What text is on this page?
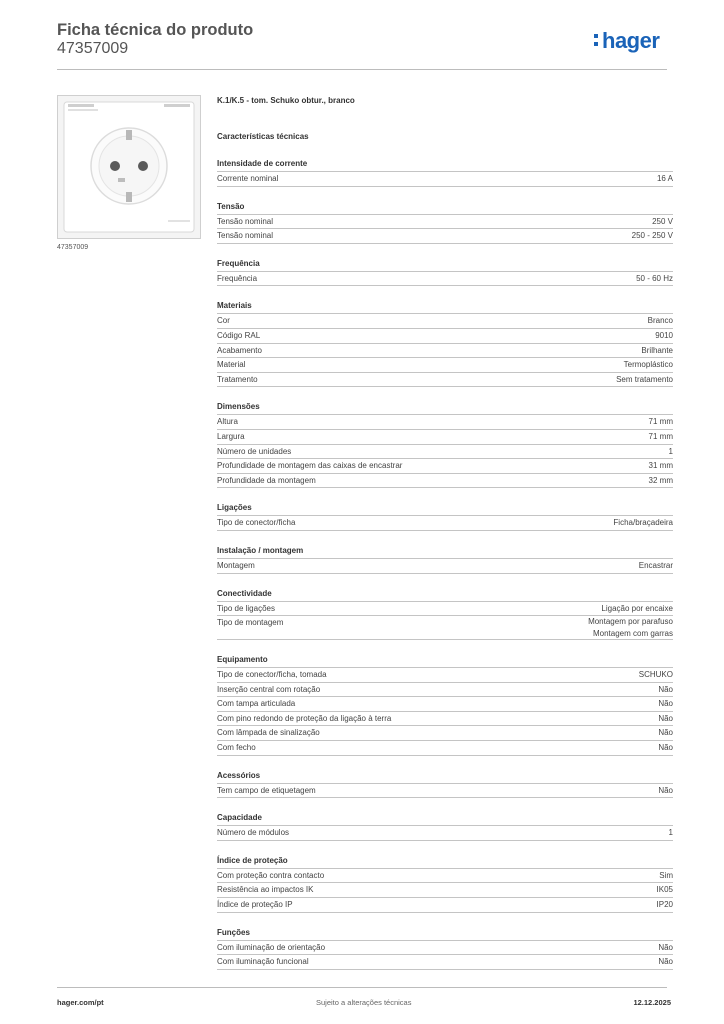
Ficha técnica do produto
47357009	hager
47357009
K.1/K.5 - tom. Schuko obtur., branco
Características técnicas
Intensidade de corrente
Corrente nominal	16 A
Tensão
Tensão nominal	250 V
Tensão nominal	250 - 250 V
Frequência
Frequência	50 - 60 Hz
Materiais
Cor	Branco
Código RAL	9010
Acabamento	Brilhante
Material	Termoplástico
Tratamento	Sem tratamento
Dimensões
Altura	71 mm
Largura	71 mm
Número de unidades	1
Profundidade de montagem das caixas de encastrar	31 mm
Profundidade da montagem	32 mm
Ligações
Tipo de conector/ficha	Ficha/braçadeira
Instalação / montagem
Montagem	Encastrar
Conectividade
Tipo de ligações	Ligação por encaixe
Tipo de montagem	Montagem por parafuso
Montagem com garras
Equipamento
Tipo de conector/ficha, tomada	SCHUKO
Inserção central com rotação	Não
Com tampa articulada	Não
Com pino redondo de proteção da ligação à terra	Não
Com lâmpada de sinalização	Não
Com fecho	Não
Acessórios
Tem campo de etiquetagem	Não
Capacidade
Número de módulos	1
Índice de proteção
Com proteção contra contacto	Sim
Resistência ao impactos IK	IK05
Índice de proteção IP	IP20
Funções
Com iluminação de orientação	Não
Com iluminação funcional	Não
hager.com/pt	Sujeito a alterações técnicas	12.12.2025
